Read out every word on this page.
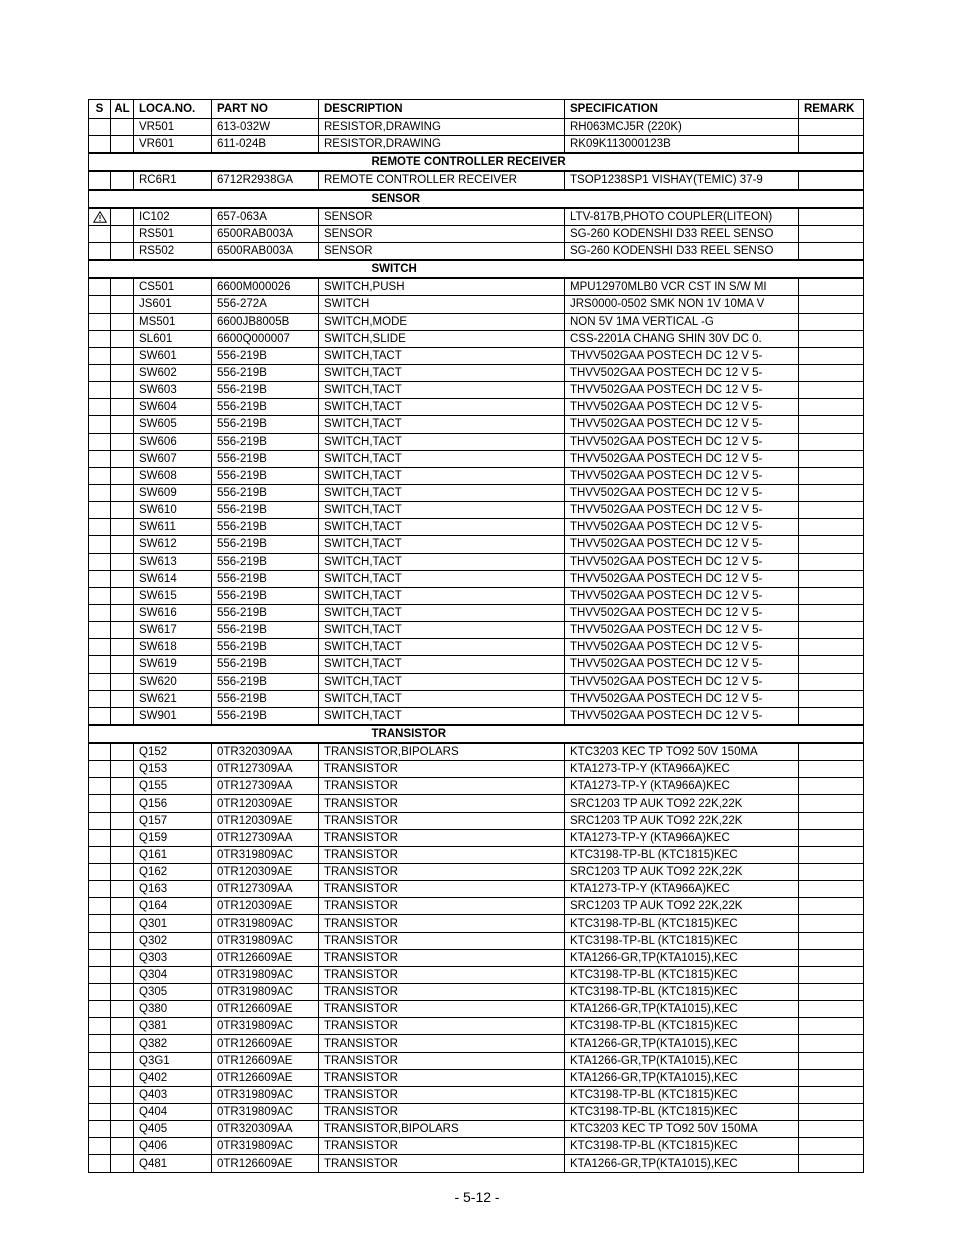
S	AL	LOCA.NO.	PART NO	DESCRIPTION	SPECIFICATION	REMARK
		VR501	613-032W	RESISTOR,DRAWING	RH063MCJ5R (220K)	
		VR601	611-024B	RESISTOR,DRAWING	RK09K113000123B	
		REMOTE CONTROLLER RECEIVER				
		RC6R1	6712R2938GA	REMOTE CONTROLLER RECEIVER	TSOP1238SP1 VISHAY(TEMIC) 37-9	
		SENSOR				
		IC102	657-063A	SENSOR	LTV-817B,PHOTO COUPLER(LITEON)	
		RS501	6500RAB003A	SENSOR	SG-260 KODENSHI D33 REEL SENSO	
		RS502	6500RAB003A	SENSOR	SG-260 KODENSHI D33 REEL SENSO	
		SWITCH				
		CS501	6600M000026	SWITCH,PUSH	MPU12970MLB0 VCR CST IN S/W MI	
		JS601	556-272A	SWITCH	JRS0000-0502 SMK NON 1V 10MA V	
		MS501	6600JB8005B	SWITCH,MODE	NON 5V 1MA VERTICAL -G	
		SL601	6600Q000007	SWITCH,SLIDE	CSS-2201A CHANG SHIN 30V DC 0.	
		SW601	556-219B	SWITCH,TACT	THVV502GAA POSTECH DC 12 V 5-	
		SW602	556-219B	SWITCH,TACT	THVV502GAA POSTECH DC 12 V 5-	
		SW603	556-219B	SWITCH,TACT	THVV502GAA POSTECH DC 12 V 5-	
		SW604	556-219B	SWITCH,TACT	THVV502GAA POSTECH DC 12 V 5-	
		SW605	556-219B	SWITCH,TACT	THVV502GAA POSTECH DC 12 V 5-	
		SW606	556-219B	SWITCH,TACT	THVV502GAA POSTECH DC 12 V 5-	
		SW607	556-219B	SWITCH,TACT	THVV502GAA POSTECH DC 12 V 5-	
		SW608	556-219B	SWITCH,TACT	THVV502GAA POSTECH DC 12 V 5-	
		SW609	556-219B	SWITCH,TACT	THVV502GAA POSTECH DC 12 V 5-	
		SW610	556-219B	SWITCH,TACT	THVV502GAA POSTECH DC 12 V 5-	
		SW611	556-219B	SWITCH,TACT	THVV502GAA POSTECH DC 12 V 5-	
		SW612	556-219B	SWITCH,TACT	THVV502GAA POSTECH DC 12 V 5-	
		SW613	556-219B	SWITCH,TACT	THVV502GAA POSTECH DC 12 V 5-	
		SW614	556-219B	SWITCH,TACT	THVV502GAA POSTECH DC 12 V 5-	
		SW615	556-219B	SWITCH,TACT	THVV502GAA POSTECH DC 12 V 5-	
		SW616	556-219B	SWITCH,TACT	THVV502GAA POSTECH DC 12 V 5-	
		SW617	556-219B	SWITCH,TACT	THVV502GAA POSTECH DC 12 V 5-	
		SW618	556-219B	SWITCH,TACT	THVV502GAA POSTECH DC 12 V 5-	
		SW619	556-219B	SWITCH,TACT	THVV502GAA POSTECH DC 12 V 5-	
		SW620	556-219B	SWITCH,TACT	THVV502GAA POSTECH DC 12 V 5-	
		SW621	556-219B	SWITCH,TACT	THVV502GAA POSTECH DC 12 V 5-	
		SW901	556-219B	SWITCH,TACT	THVV502GAA POSTECH DC 12 V 5-	
		TRANSISTOR				
		Q152	0TR320309AA	TRANSISTOR,BIPOLARS	KTC3203 KEC TP TO92 50V 150MA	
		Q153	0TR127309AA	TRANSISTOR	KTA1273-TP-Y (KTA966A)KEC	
		Q155	0TR127309AA	TRANSISTOR	KTA1273-TP-Y (KTA966A)KEC	
		Q156	0TR120309AE	TRANSISTOR	SRC1203 TP AUK TO92 22K,22K	
		Q157	0TR120309AE	TRANSISTOR	SRC1203 TP AUK TO92 22K,22K	
		Q159	0TR127309AA	TRANSISTOR	KTA1273-TP-Y (KTA966A)KEC	
		Q161	0TR319809AC	TRANSISTOR	KTC3198-TP-BL (KTC1815)KEC	
		Q162	0TR120309AE	TRANSISTOR	SRC1203 TP AUK TO92 22K,22K	
		Q163	0TR127309AA	TRANSISTOR	KTA1273-TP-Y (KTA966A)KEC	
		Q164	0TR120309AE	TRANSISTOR	SRC1203 TP AUK TO92 22K,22K	
		Q301	0TR319809AC	TRANSISTOR	KTC3198-TP-BL (KTC1815)KEC	
		Q302	0TR319809AC	TRANSISTOR	KTC3198-TP-BL (KTC1815)KEC	
		Q303	0TR126609AE	TRANSISTOR	KTA1266-GR,TP(KTA1015),KEC	
		Q304	0TR319809AC	TRANSISTOR	KTC3198-TP-BL (KTC1815)KEC	
		Q305	0TR319809AC	TRANSISTOR	KTC3198-TP-BL (KTC1815)KEC	
		Q380	0TR126609AE	TRANSISTOR	KTA1266-GR,TP(KTA1015),KEC	
		Q381	0TR319809AC	TRANSISTOR	KTC3198-TP-BL (KTC1815)KEC	
		Q382	0TR126609AE	TRANSISTOR	KTA1266-GR,TP(KTA1015),KEC	
		Q3G1	0TR126609AE	TRANSISTOR	KTA1266-GR,TP(KTA1015),KEC	
		Q402	0TR126609AE	TRANSISTOR	KTA1266-GR,TP(KTA1015),KEC	
		Q403	0TR319809AC	TRANSISTOR	KTC3198-TP-BL (KTC1815)KEC	
		Q404	0TR319809AC	TRANSISTOR	KTC3198-TP-BL (KTC1815)KEC	
		Q405	0TR320309AA	TRANSISTOR,BIPOLARS	KTC3203 KEC TP TO92 50V 150MA	
		Q406	0TR319809AC	TRANSISTOR	KTC3198-TP-BL (KTC1815)KEC	
		Q481	0TR126609AE	TRANSISTOR	KTA1266-GR,TP(KTA1015),KEC	
- 5-12 -
